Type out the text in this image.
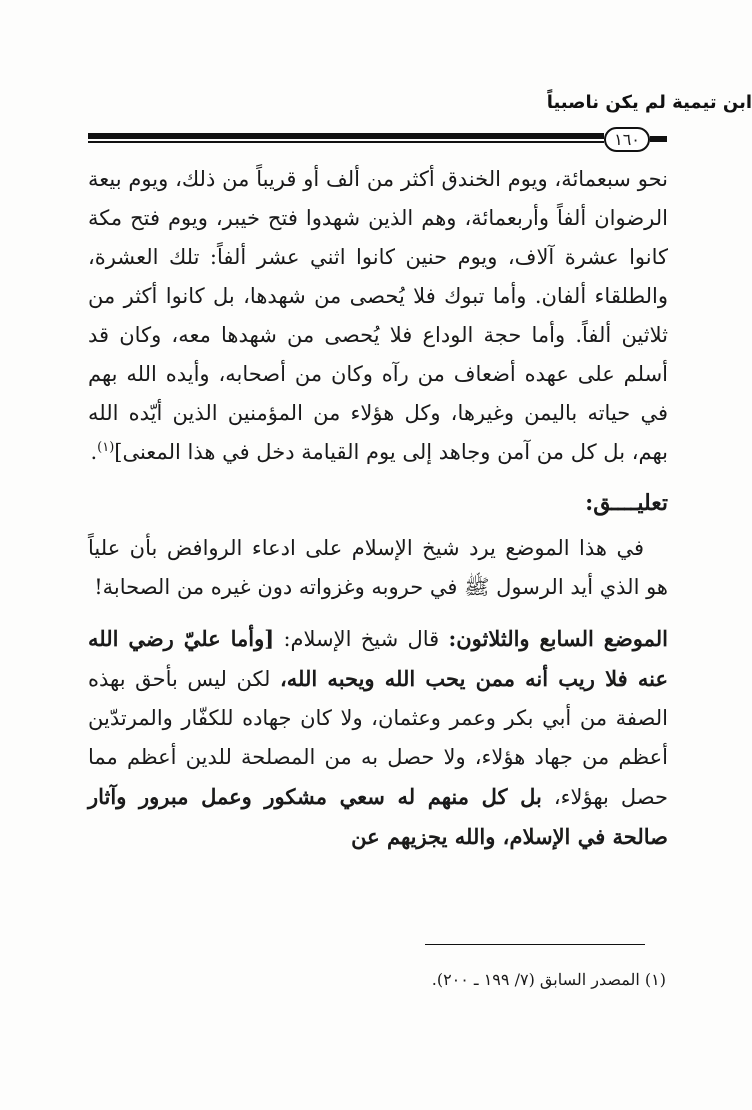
ابن تيمية لم يكن ناصبياً
١٦٠

نحو سبعمائة، ويوم الخندق أكثر من ألف أو قريباً من ذلك، ويوم بيعة الرضوان ألفاً وأربعمائة، وهم الذين شهدوا فتح خيبر، ويوم فتح مكة كانوا عشرة آلاف، ويوم حنين كانوا اثني عشر ألفاً: تلك العشرة، والطلقاء ألفان. وأما تبوك فلا يُحصى من شهدها، بل كانوا أكثر من ثلاثين ألفاً. وأما حجة الوداع فلا يُحصى من شهدها معه، وكان قد أسلم على عهده أضعاف من رآه وكان من أصحابه، وأيده الله بهم في حياته باليمن وغيرها، وكل هؤلاء من المؤمنين الذين أيّده الله بهم، بل كل من آمن وجاهد إلى يوم القيامة دخل في هذا المعنى]$^{(١)}$.

تعليــــق:

في هذا الموضع يرد شيخ الإسلام على ادعاء الروافض بأن علياً هو الذي أيد الرسول ﷺ في حروبه وغزواته دون غيره من الصحابة!

الموضع السابع والثلاثون: قال شيخ الإسلام: [وأما عليّ رضي الله عنه فلا ريب أنه ممن يحب الله ويحبه الله، لكن ليس بأحق بهذه الصفة من أبي بكر وعمر وعثمان، ولا كان جهاده للكفّار والمرتدّين أعظم من جهاد هؤلاء، ولا حصل به من المصلحة للدين أعظم مما حصل بهؤلاء، بل كل منهم له سعي مشكور وعمل مبرور وآثار صالحة في الإسلام، والله يجزيهم عن

(١) المصدر السابق (٧/ ١٩٩ ـ ٢٠٠).
